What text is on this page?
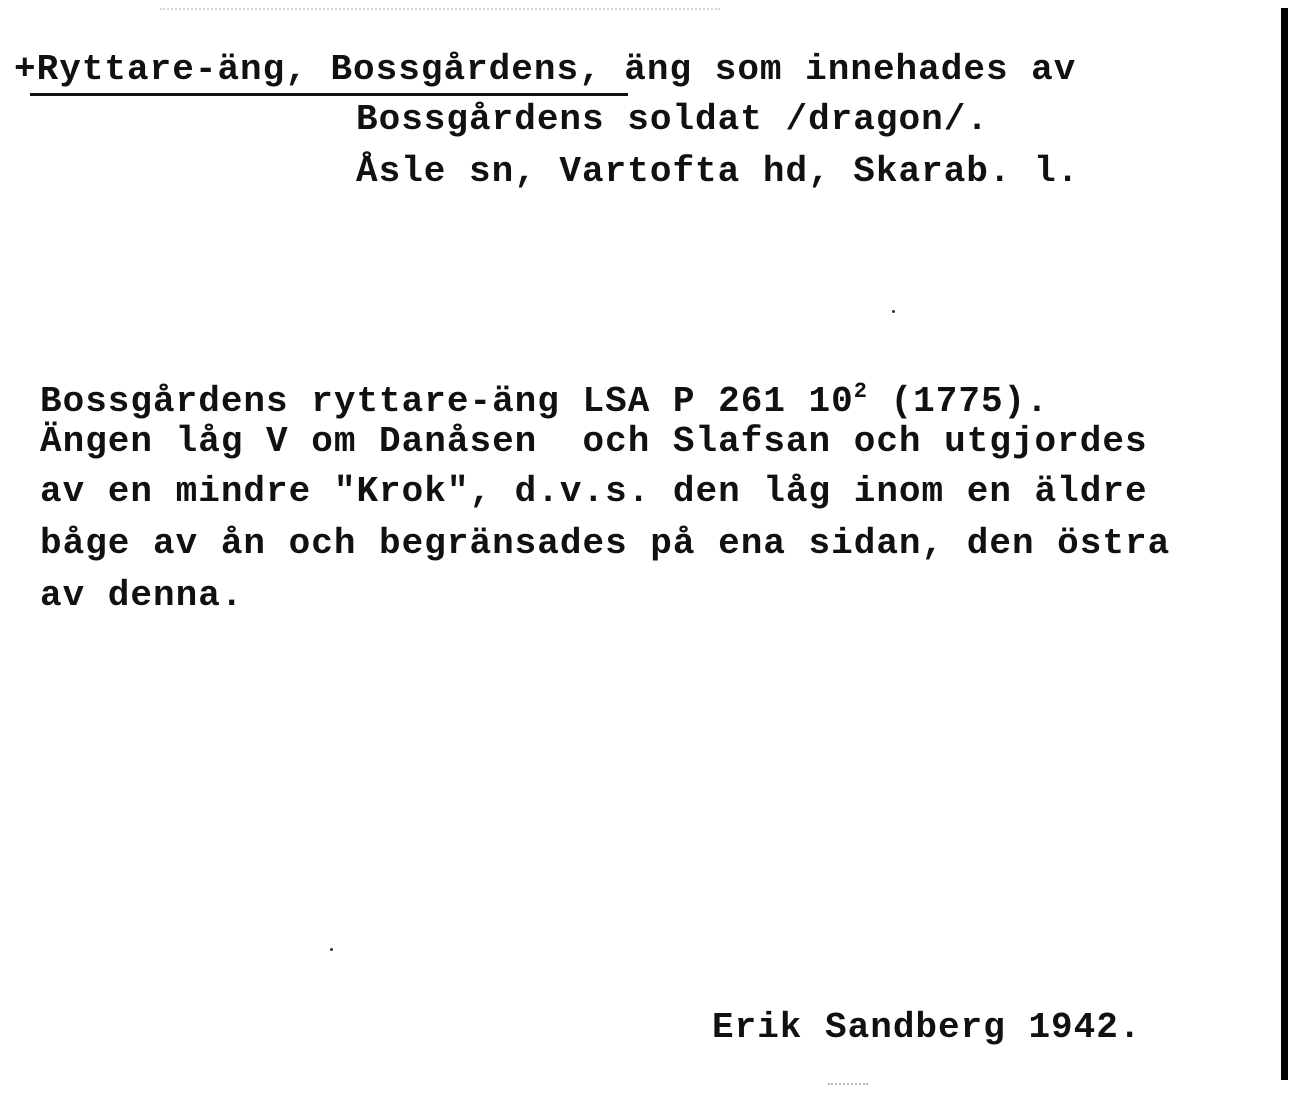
+Ryttare-äng, Bossgårdens, äng som innehades av
Bossgårdens soldat /dragon/.
Åsle sn, Vartofta hd, Skarab. l.
Bossgårdens ryttare-äng LSA P 261 $10^2$ (1775).
Ängen låg V om Danåsen  och Slafsan och utgjordes
av en mindre "Krok", d.v.s. den låg inom en äldre
båge av ån och begränsades på ena sidan, den östra
av denna.
Erik Sandberg 1942.
